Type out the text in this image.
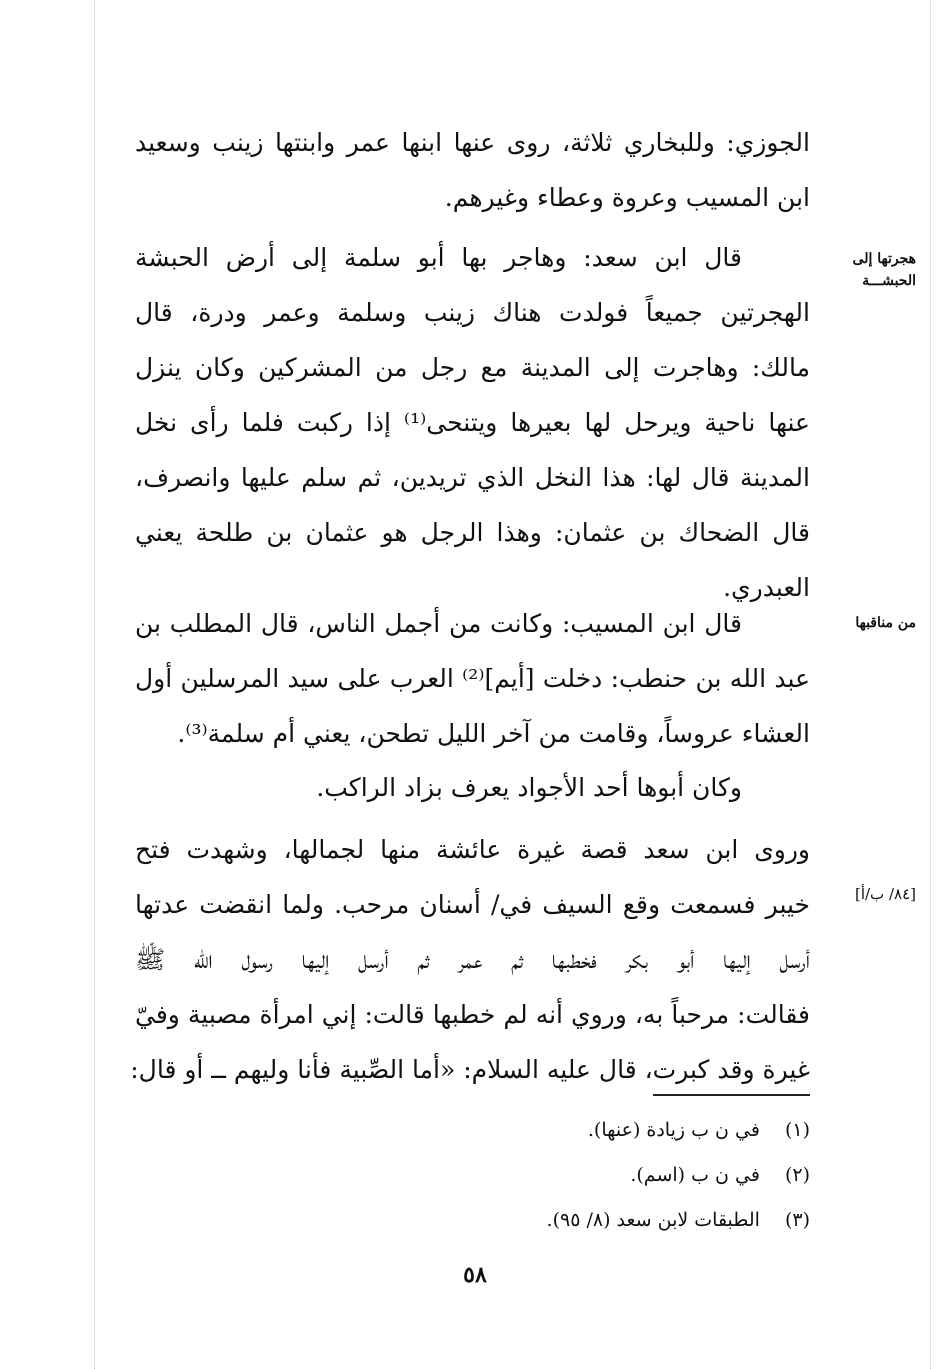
الجوزي: وللبخاري ثلاثة، روى عنها ابنها عمر وابنتها زينب وسعيد
ابن المسيب وعروة وعطاء وغيرهم.

هجرتها إلى
الحبشـــة

قال ابن سعد: وهاجر بها أبو سلمة إلى أرض الحبشة
الهجرتين جميعاً فولدت هناك زينب وسلمة وعمر ودرة، قال
مالك: وهاجرت إلى المدينة مع رجل من المشركين وكان ينزل
عنها ناحية ويرحل لها بعيرها ويتنحى⁽¹⁾ إذا ركبت فلما رأى نخل
المدينة قال لها: هذا النخل الذي تريدين، ثم سلم عليها وانصرف،
قال الضحاك بن عثمان: وهذا الرجل هو عثمان بن طلحة يعني
العبدري.

من مناقبها

قال ابن المسيب: وكانت من أجمل الناس، قال المطلب بن
عبد الله بن حنطب: دخلت [أيم]⁽²⁾ العرب على سيد المرسلين أول
العشاء عروساً، وقامت من آخر الليل تطحن، يعني أم سلمة⁽³⁾.

وكان أبوها أحد الأجواد يعرف بزاد الراكب.

[٨٤/ ب/أ]

وروى ابن سعد قصة غيرة عائشة منها لجمالها، وشهدت فتح
خيبر فسمعت وقع السيف في/ أسنان مرحب. ولما انقضت عدتها
أرسل إليها أبو بكر فخطبها ثم عمر ثم أرسل إليها رسول الله ﷺ
فقالت: مرحباً به، وروي أنه لم خطبها قالت: إني امرأة مصبية وفيّ
غيرة وقد كبرت، قال عليه السلام: «أما الصِّبية فأنا وليهم ــ أو قال:

(١) في ن ب زيادة (عنها).
(٢) في ن ب (اسم).
(٣) الطبقات لابن سعد (٨/ ٩٥).
٥٨
